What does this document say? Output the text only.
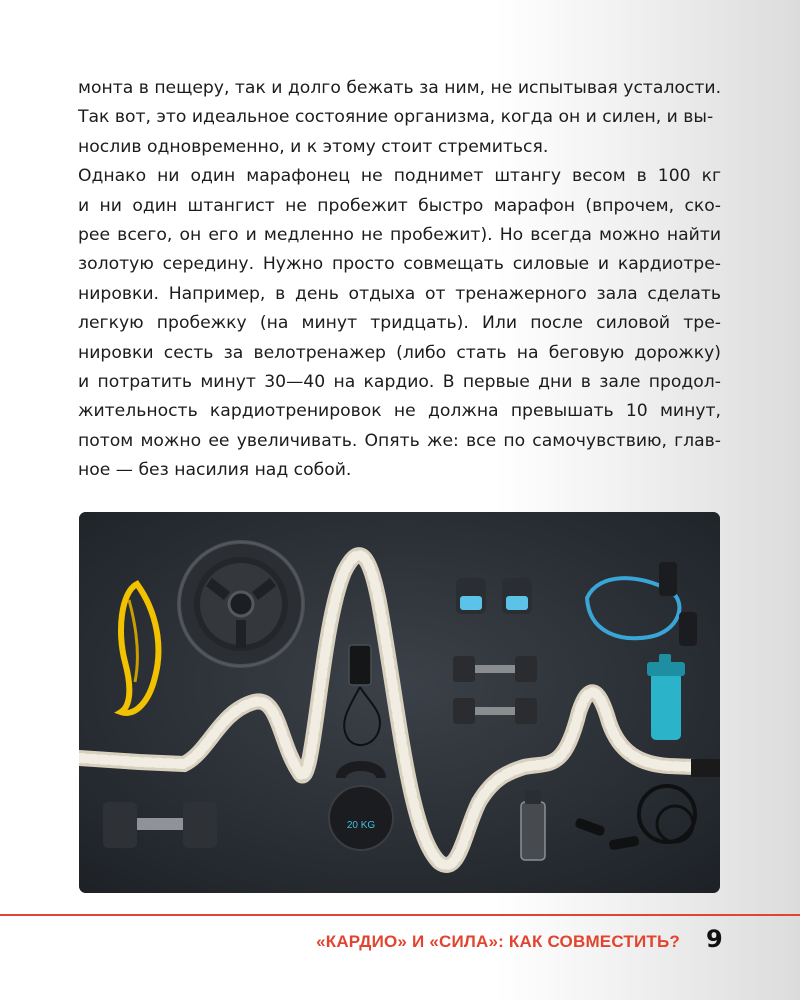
монта в пещеру, так и долго бежать за ним, не испытывая усталости.
Так вот, это идеальное состояние организма, когда он и силен, и вы-
нослив одновременно, и к этому стоит стремиться.
Однако ни один марафонец не поднимет штангу весом в 100 кг
и ни один штангист не пробежит быстро марафон (впрочем, ско-
рее всего, он его и медленно не пробежит). Но всегда можно найти
золотую середину. Нужно просто совмещать силовые и кардиотре-
нировки. Например, в день отдыха от тренажерного зала сделать
легкую пробежку (на минут тридцать). Или после силовой тре-
нировки сесть за велотренажер (либо стать на беговую дорожку)
и потратить минут 30—40 на кардио. В первые дни в зале продол-
жительность кардиотренировок не должна превышать 10 минут,
потом можно ее увеличивать. Опять же: все по самочувствию, глав-
ное — без насилия над собой.
20 KG
«КАРДИО» И «СИЛА»: КАК СОВМЕСТИТЬ? 9
